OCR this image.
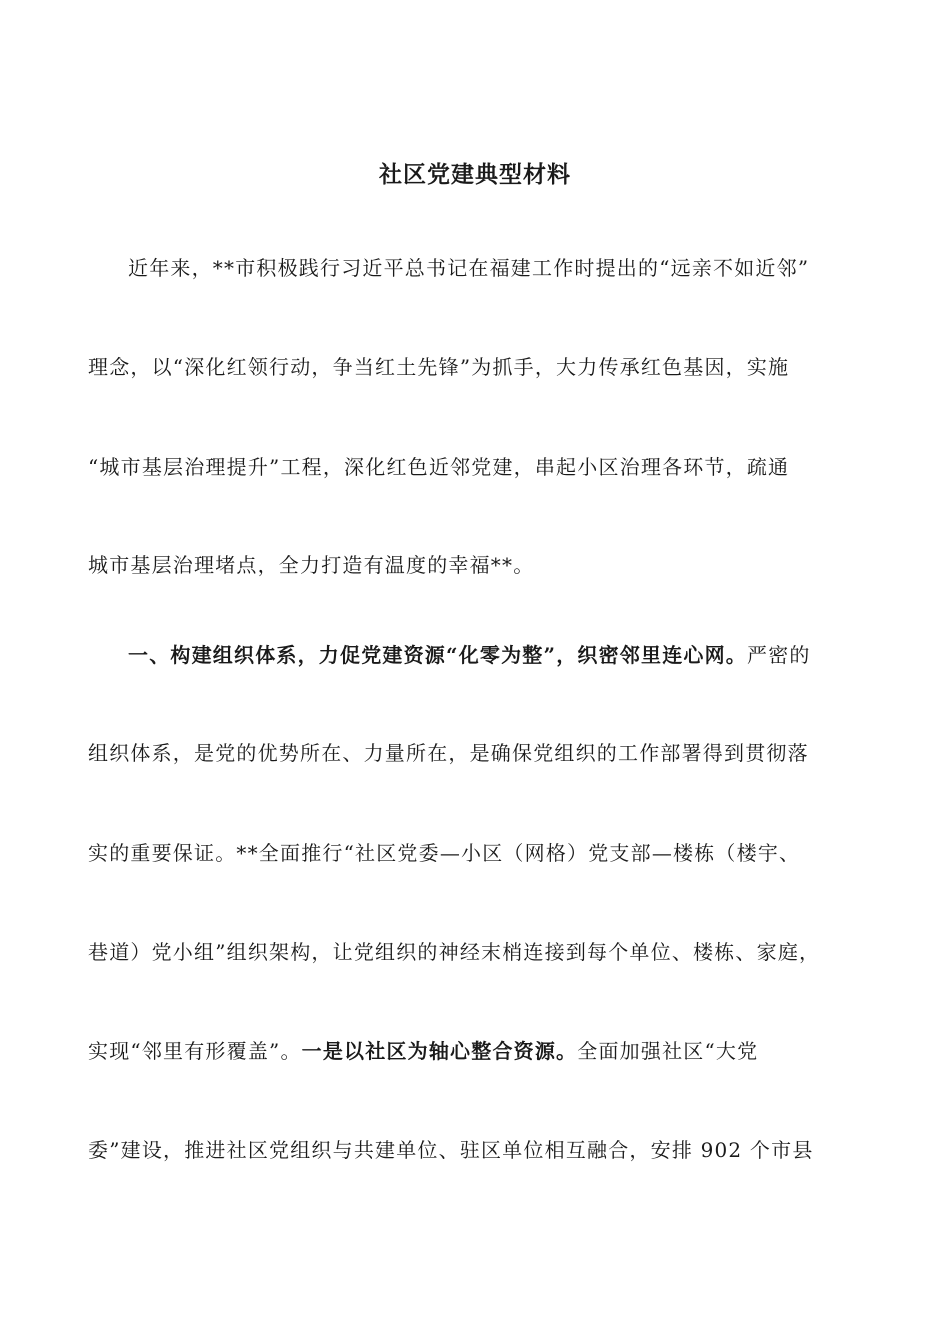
社区党建典型材料
近年来，**市积极践行习近平总书记在福建工作时提出的“远亲不如近邻”
理念，以“深化红领行动，争当红土先锋”为抓手，大力传承红色基因，实施
“城市基层治理提升”工程，深化红色近邻党建，串起小区治理各环节，疏通
城市基层治理堵点，全力打造有温度的幸福**。
一、构建组织体系，力促党建资源“化零为整”，织密邻里连心网。严密的
组织体系，是党的优势所在、力量所在，是确保党组织的工作部署得到贯彻落
实的重要保证。**全面推行“社区党委—小区（网格）党支部—楼栋（楼宇、
巷道）党小组”组织架构，让党组织的神经末梢连接到每个单位、楼栋、家庭，
实现“邻里有形覆盖”。一是以社区为轴心整合资源。全面加强社区“大党
委”建设，推进社区党组织与共建单位、驻区单位相互融合，安排 902 个市县
